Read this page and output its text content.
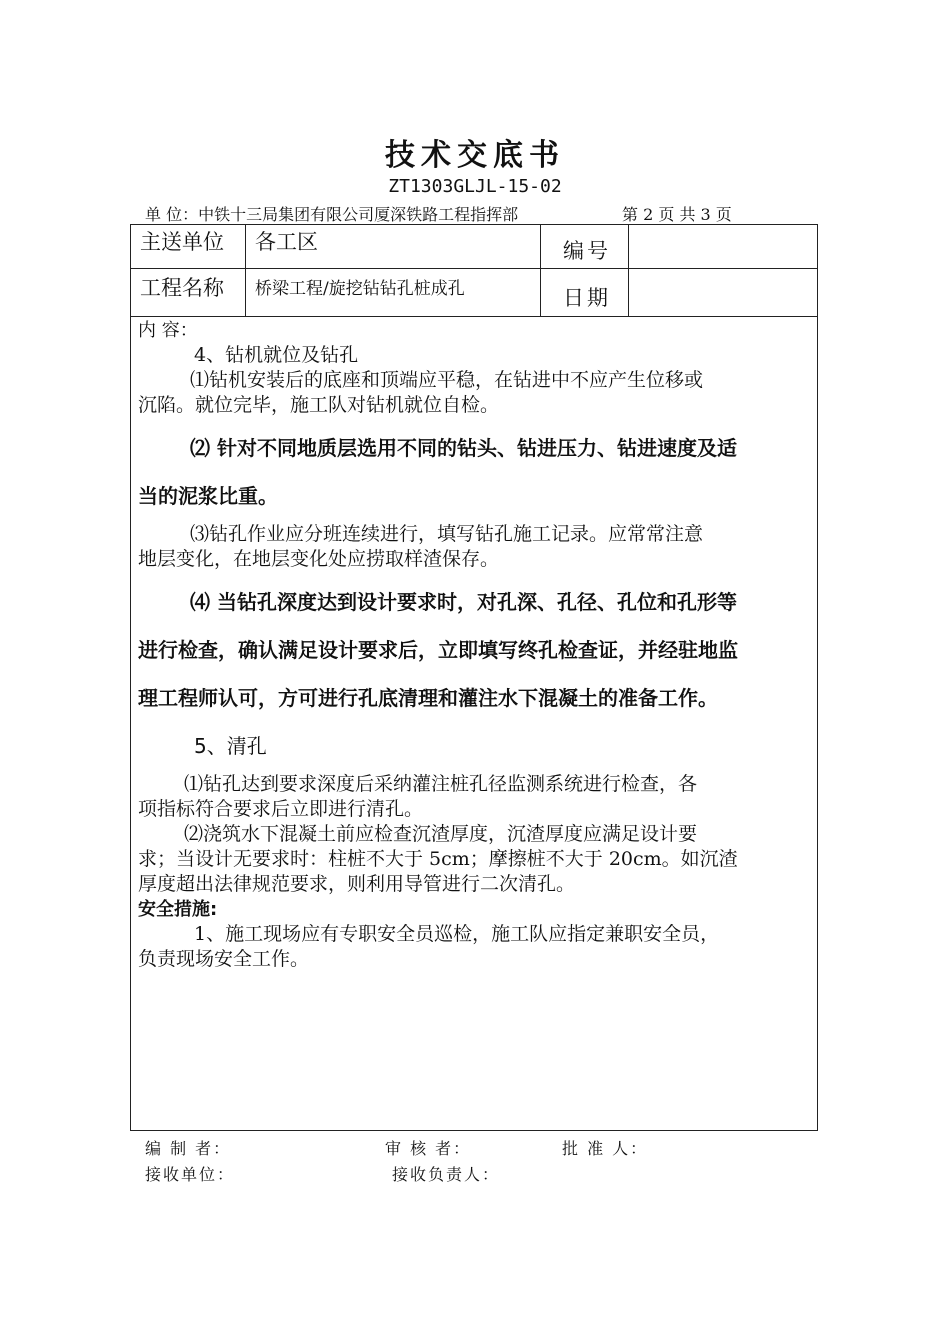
技术交底书
ZT1303GLJL-15-02
单 位：中铁十三局集团有限公司厦深铁路工程指挥部	第 2 页 共 3 页
主送单位 各工区	编号
工程名称 桥梁工程/旋挖钻钻孔桩成孔	日期

内 容：

4、钻机就位及钻孔

⑴钻机安装后的底座和顶端应平稳，在钻进中不应产生位移或

沉陷。就位完毕，施工队对钻机就位自检。

⑵ 针对不同地质层选用不同的钻头、钻进压力、钻进速度及适

当的泥浆比重。

⑶钻孔作业应分班连续进行，填写钻孔施工记录。应常常注意

地层变化，在地层变化处应捞取样渣保存。

⑷ 当钻孔深度达到设计要求时，对孔深、孔径、孔位和孔形等

进行检查，确认满足设计要求后，立即填写终孔检查证，并经驻地监

理工程师认可，方可进行孔底清理和灌注水下混凝土的准备工作。

5、清孔

⑴钻孔达到要求深度后采纳灌注桩孔径监测系统进行检查，各

项指标符合要求后立即进行清孔。

⑵浇筑水下混凝土前应检查沉渣厚度，沉渣厚度应满足设计要

求；当设计无要求时：柱桩不大于 5cm；摩擦桩不大于 20cm。如沉渣

厚度超出法律规范要求，则利用导管进行二次清孔。

安全措施:

1、施工现场应有专职安全员巡检，施工队应指定兼职安全员，

负责现场安全工作。

编 制 者：	审 核 者：	批 准 人：
接收单位：	接收负责人：
